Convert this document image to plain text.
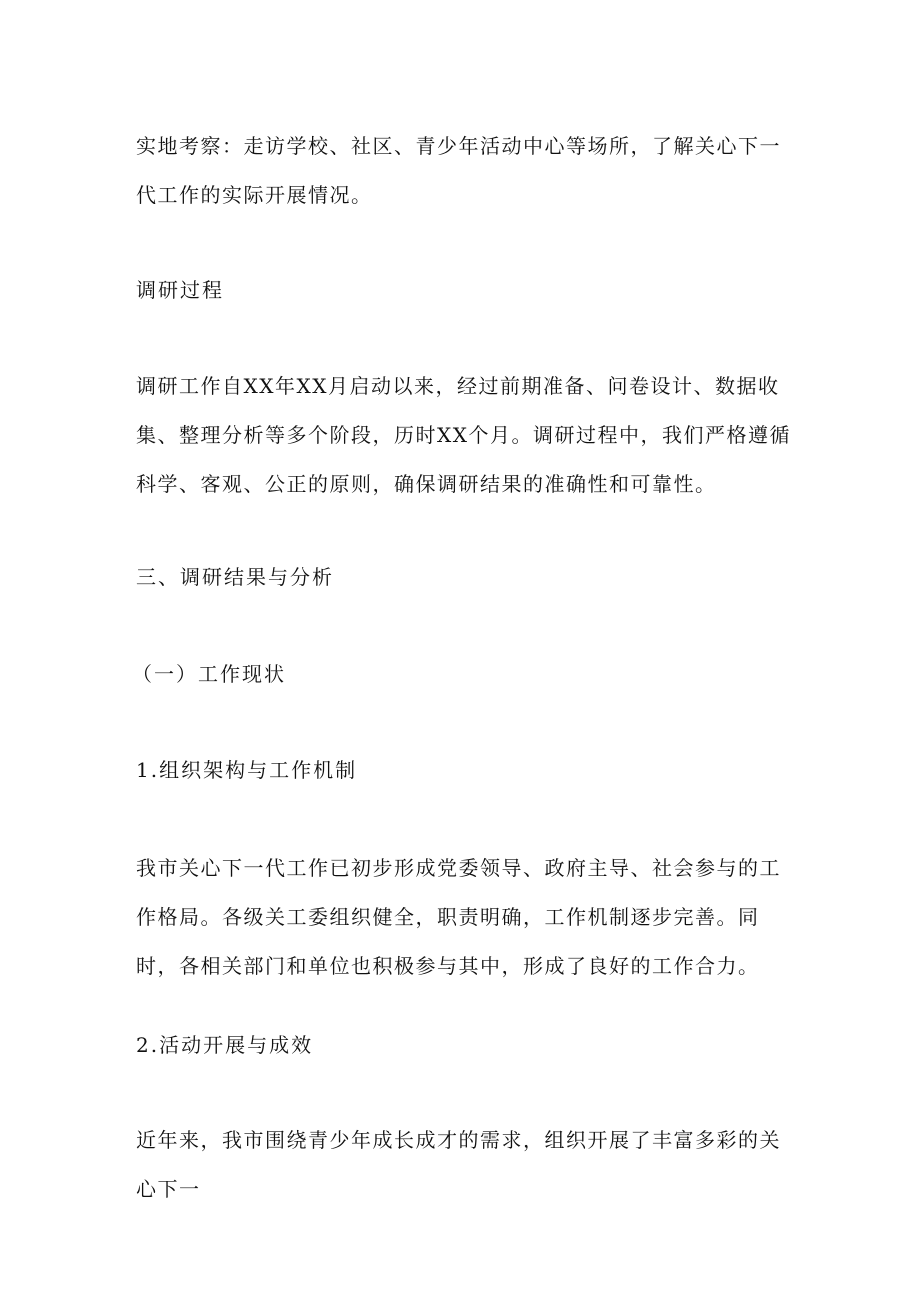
实地考察：走访学校、社区、青少年活动中心等场所，了解关心下一代工作的实际开展情况。

调研过程

调研工作自XX年XX月启动以来，经过前期准备、问卷设计、数据收集、整理分析等多个阶段，历时XX个月。调研过程中，我们严格遵循科学、客观、公正的原则，确保调研结果的准确性和可靠性。

三、调研结果与分析

（一）工作现状

1.组织架构与工作机制

我市关心下一代工作已初步形成党委领导、政府主导、社会参与的工作格局。各级关工委组织健全，职责明确，工作机制逐步完善。同时，各相关部门和单位也积极参与其中，形成了良好的工作合力。

2.活动开展与成效

近年来，我市围绕青少年成长成才的需求，组织开展了丰富多彩的关心下一
